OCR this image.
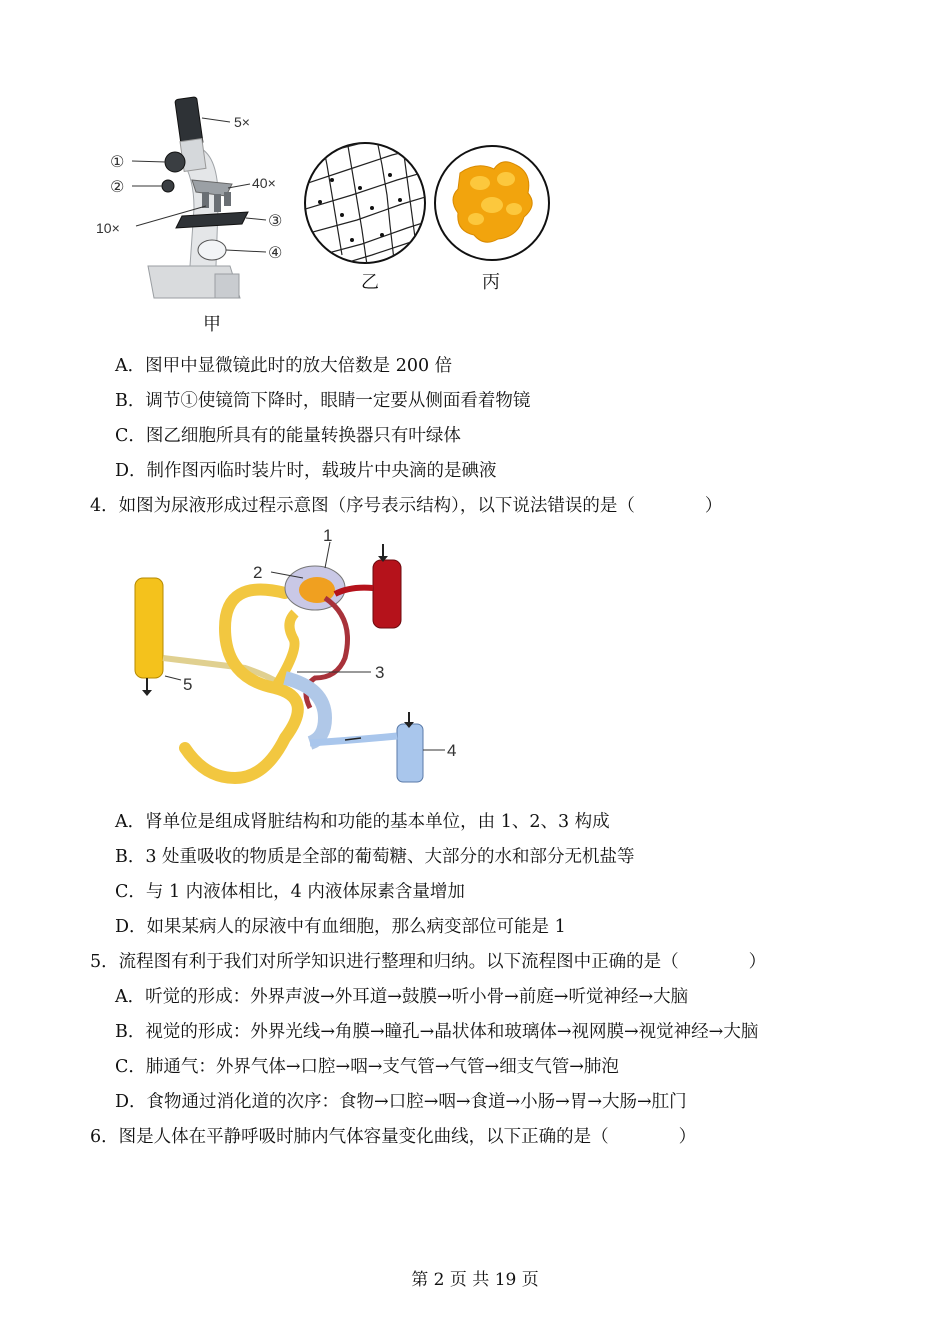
5×
①
②	40×
10×	③
④
甲
乙	丙
A．图甲中显微镜此时的放大倍数是 200 倍
B．调节①使镜筒下降时，眼睛一定要从侧面看着物镜
C．图乙细胞所具有的能量转换器只有叶绿体
D．制作图丙临时装片时，载玻片中央滴的是碘液
4．如图为尿液形成过程示意图（序号表示结构），以下说法错误的是（　　　　）
1
2
3
5
4
A．肾单位是组成肾脏结构和功能的基本单位，由 1、2、3 构成
B．3 处重吸收的物质是全部的葡萄糖、大部分的水和部分无机盐等
C．与 1 内液体相比，4 内液体尿素含量增加
D．如果某病人的尿液中有血细胞，那么病变部位可能是 1
5．流程图有利于我们对所学知识进行整理和归纳。以下流程图中正确的是（　　　　）
A．听觉的形成：外界声波→外耳道→鼓膜→听小骨→前庭→听觉神经→大脑
B．视觉的形成：外界光线→角膜→瞳孔→晶状体和玻璃体→视网膜→视觉神经→大脑
C．肺通气：外界气体→口腔→咽→支气管→气管→细支气管→肺泡
D．食物通过消化道的次序：食物→口腔→咽→食道→小肠→胃→大肠→肛门
6．图是人体在平静呼吸时肺内气体容量变化曲线，以下正确的是（　　　　）
第 2 页 共 19 页
